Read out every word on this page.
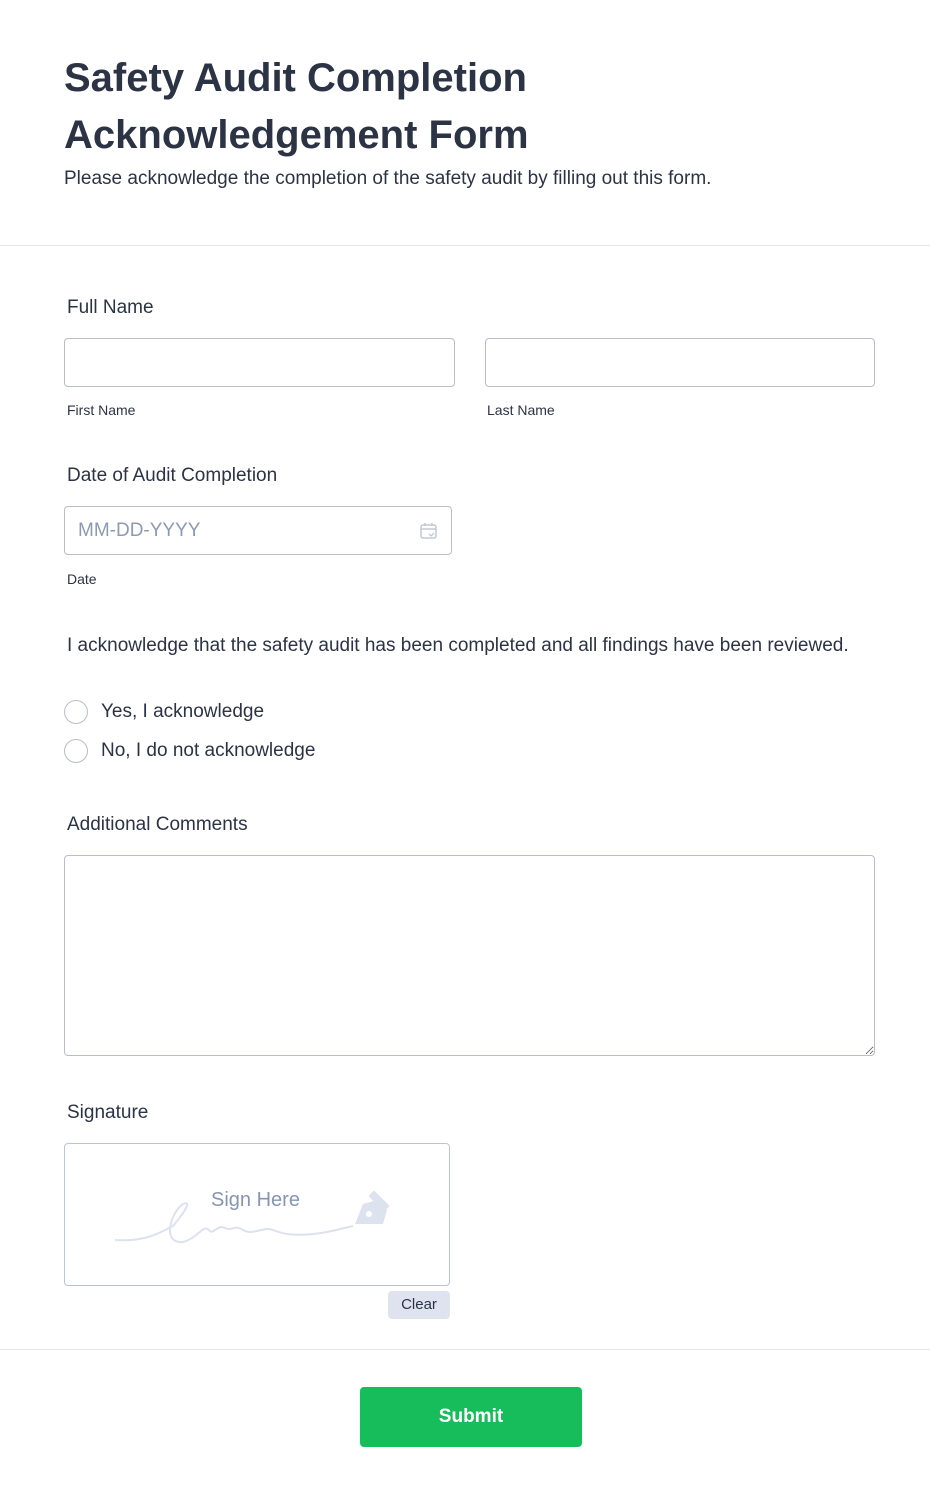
Safety Audit Completion Acknowledgement Form
Please acknowledge the completion of the safety audit by filling out this form.
Full Name
First Name	Last Name
Date of Audit Completion
MM-DD-YYYY
Date
I acknowledge that the safety audit has been completed and all findings have been reviewed.
Yes, I acknowledge
No, I do not acknowledge
Additional Comments
Signature
Sign Here
Clear
Submit
